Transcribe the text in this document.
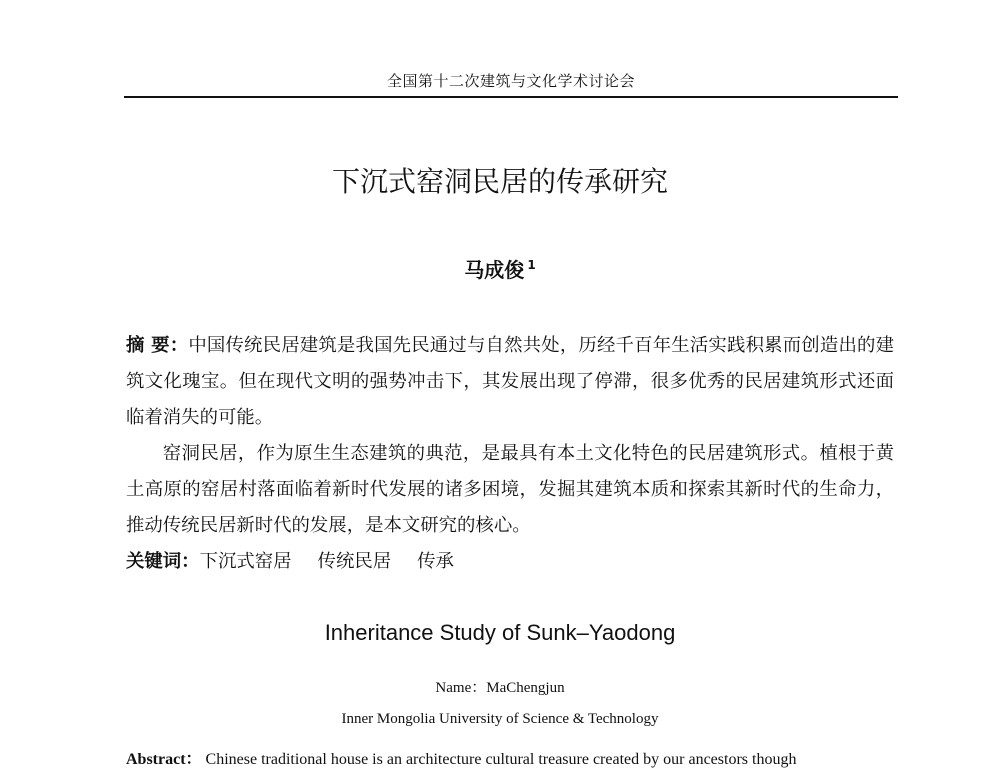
全国第十二次建筑与文化学术讨论会
下沉式窑洞民居的传承研究
马成俊 $^1$

摘 要：中国传统民居建筑是我国先民通过与自然共处，历经千百年生活实践积累而创造出的建筑文化瑰宝。但在现代文明的强势冲击下，其发展出现了停滞，很多优秀的民居建筑形式还面临着消失的可能。

窑洞民居，作为原生生态建筑的典范，是最具有本土文化特色的民居建筑形式。植根于黄土高原的窑居村落面临着新时代发展的诸多困境，发掘其建筑本质和探索其新时代的生命力，推动传统民居新时代的发展，是本文研究的核心。

关键词：下沉式窑居 传统民居 传承

Inheritance Study of Sunk–Yaodong
Name：MaChengjun
Inner Mongolia University of Science & Technology
Abstract： Chinese traditional house is an architecture cultural treasure created by our ancestors though
